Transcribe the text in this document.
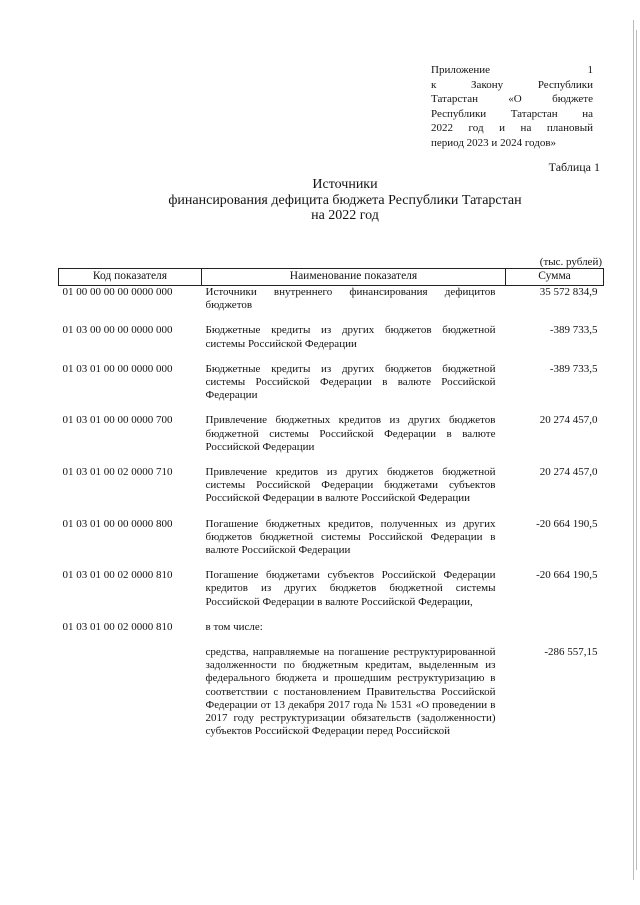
Приложение 1
к Закону Республики
Татарстан «О бюджете
Республики Татарстан на
2022 год и на плановый
период 2023 и 2024 годов»
Таблица 1
Источники
финансирования дефицита бюджета Республики Татарстан
на 2022 год
(тыс. рублей)
Код показателя	Наименование показателя	Сумма
01 00 00 00 00 0000 000	Источники внутреннего финансирования дефицитов бюджетов	35 572 834,9
01 03 00 00 00 0000 000	Бюджетные кредиты из других бюджетов бюджетной системы Российской Федерации	-389 733,5
01 03 01 00 00 0000 000	Бюджетные кредиты из других бюджетов бюджетной системы Российской Федерации в валюте Российской Федерации	-389 733,5
01 03 01 00 00 0000 700	Привлечение бюджетных кредитов из других бюджетов бюджетной системы Российской Федерации в валюте Российской Федерации	20 274 457,0
01 03 01 00 02 0000 710	Привлечение кредитов из других бюджетов бюджетной системы Российской Федерации бюджетами субъектов Российской Федерации в валюте Российской Федерации	20 274 457,0
01 03 01 00 00 0000 800	Погашение бюджетных кредитов, полученных из других бюджетов бюджетной системы Российской Федерации в валюте Российской Федерации	-20 664 190,5
01 03 01 00 02 0000 810	Погашение бюджетами субъектов Российской Федерации кредитов из других бюджетов бюджетной системы Российской Федерации в валюте Российской Федерации,	-20 664 190,5
01 03 01 00 02 0000 810	в том числе:	
	средства, направляемые на погашение реструктурированной задолженности по бюджетным кредитам, выделенным из федерального бюджета и прошедшим реструктуризацию в соответствии с постановлением Правительства Российской Федерации от 13 декабря 2017 года № 1531 «О проведении в 2017 году реструктуризации обязательств (задолженности) субъектов Российской Федерации перед Российской	-286 557,15
